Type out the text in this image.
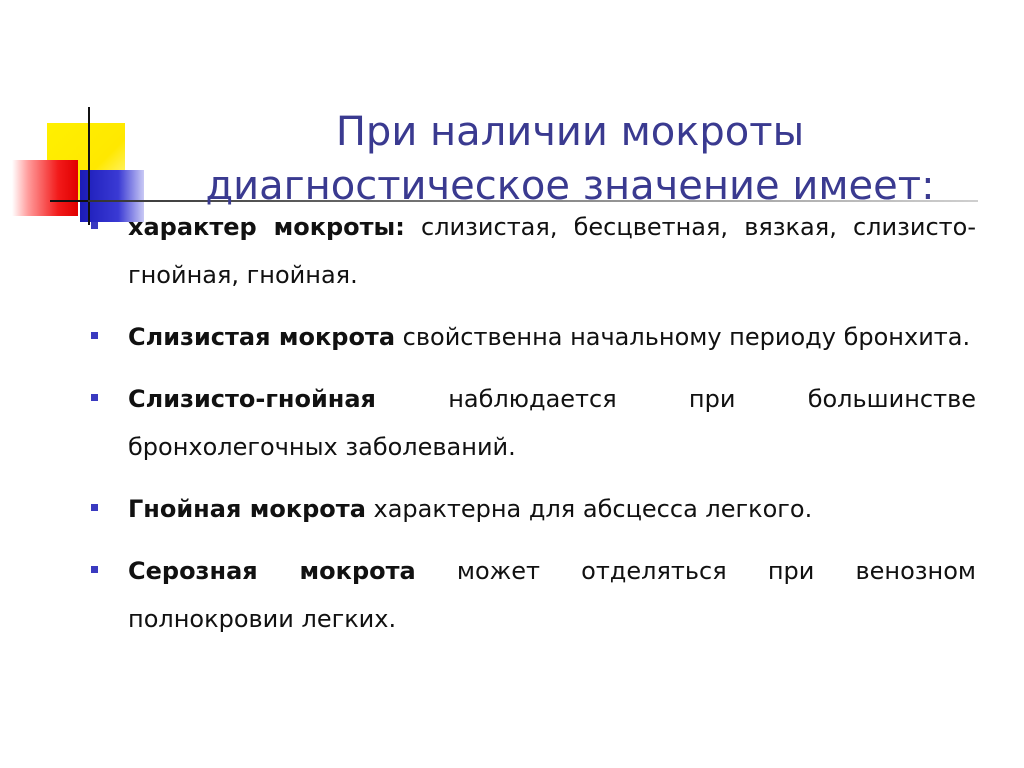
При наличии мокроты
диагностическое значение имеет:
характер мокроты: слизистая, бесцветная, вязкая, слизисто-гнойная, гнойная.
Слизистая мокрота свойственна начальному периоду бронхита.
Слизисто-гнойная наблюдается при большинстве бронхолегочных заболеваний.
Гнойная мокрота характерна для абсцесса легкого.
Серозная мокрота может отделяться при венозном полнокровии легких.
